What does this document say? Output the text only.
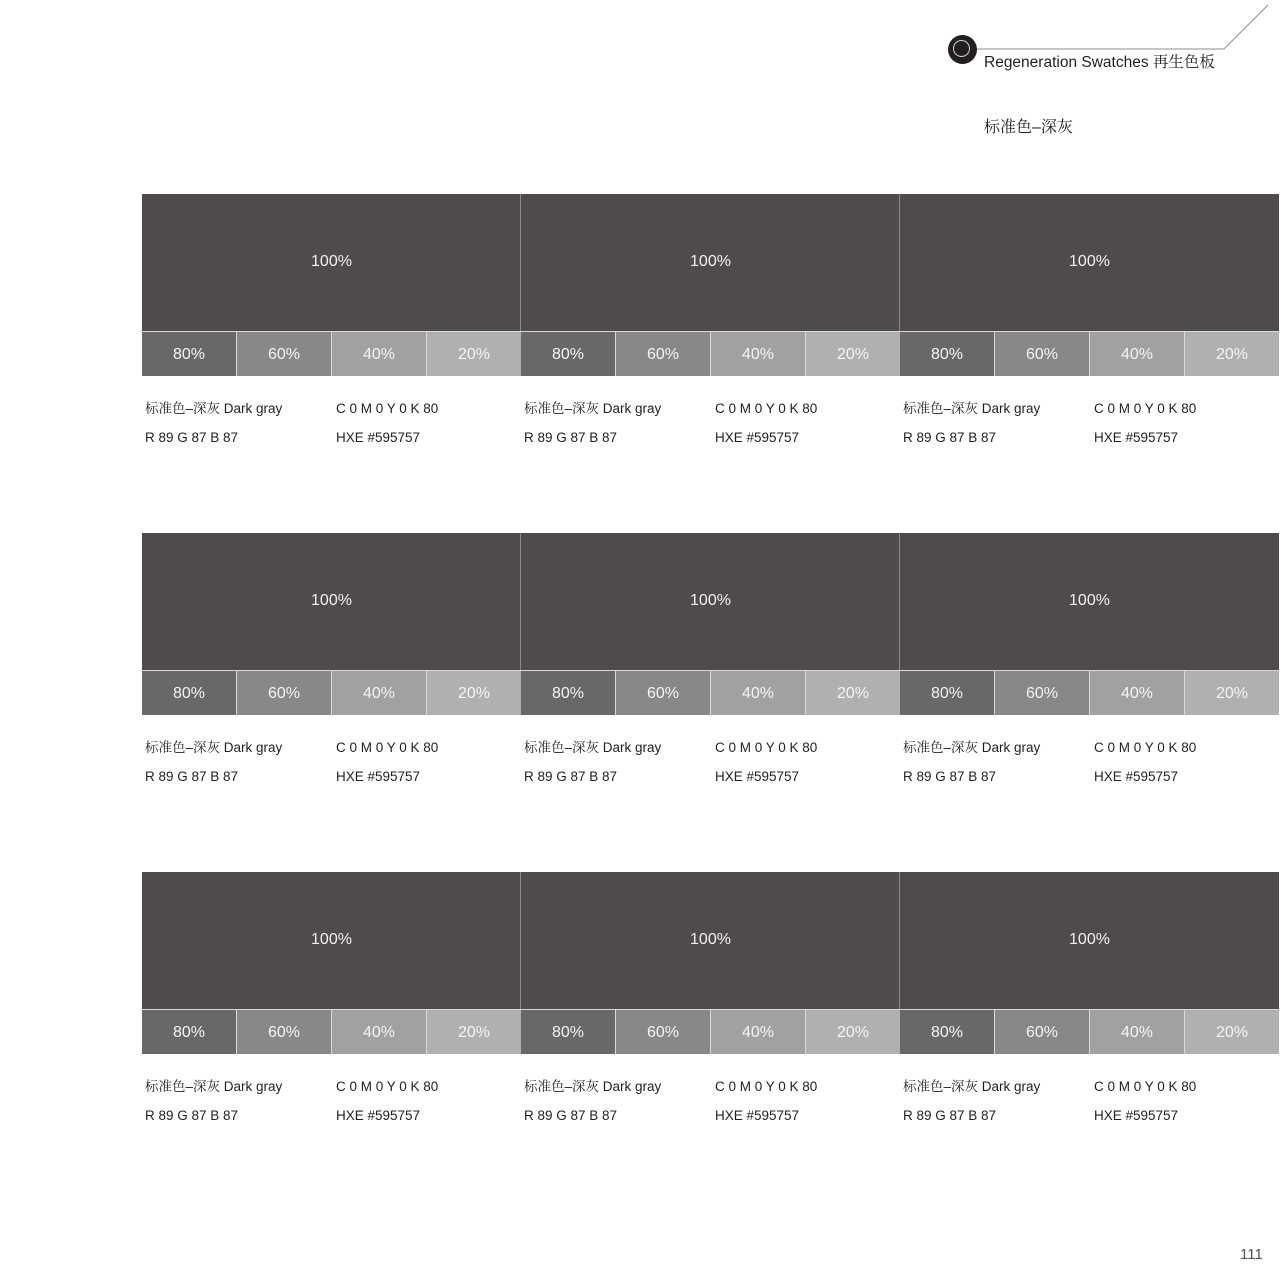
Regeneration Swatches 再生色板
标准色–深灰
100%
80%	60%	40%	20%
标准色–深灰 Dark gray
R 89 G 87 B 87
C 0 M 0 Y 0 K 80
HXE #595757
100%
80%	60%	40%	20%
标准色–深灰 Dark gray
R 89 G 87 B 87
C 0 M 0 Y 0 K 80
HXE #595757
100%
80%	60%	40%	20%
标准色–深灰 Dark gray
R 89 G 87 B 87
C 0 M 0 Y 0 K 80
HXE #595757
100%
80%	60%	40%	20%
标准色–深灰 Dark gray
R 89 G 87 B 87
C 0 M 0 Y 0 K 80
HXE #595757
100%
80%	60%	40%	20%
标准色–深灰 Dark gray
R 89 G 87 B 87
C 0 M 0 Y 0 K 80
HXE #595757
100%
80%	60%	40%	20%
标准色–深灰 Dark gray
R 89 G 87 B 87
C 0 M 0 Y 0 K 80
HXE #595757
100%
80%	60%	40%	20%
标准色–深灰 Dark gray
R 89 G 87 B 87
C 0 M 0 Y 0 K 80
HXE #595757
100%
80%	60%	40%	20%
标准色–深灰 Dark gray
R 89 G 87 B 87
C 0 M 0 Y 0 K 80
HXE #595757
100%
80%	60%	40%	20%
标准色–深灰 Dark gray
R 89 G 87 B 87
C 0 M 0 Y 0 K 80
HXE #595757
111
